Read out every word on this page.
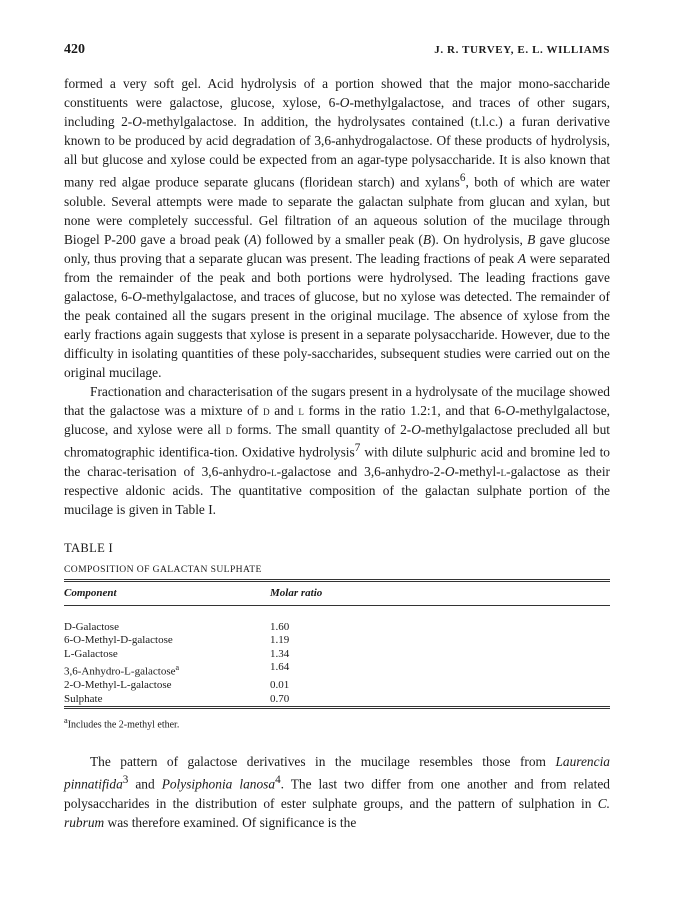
420	J. R. TURVEY, E. L. WILLIAMS

formed a very soft gel. Acid hydrolysis of a portion showed that the major mono-saccharide constituents were galactose, glucose, xylose, 6-O-methylgalactose, and traces of other sugars, including 2-O-methylgalactose. In addition, the hydrolysates contained (t.l.c.) a furan derivative known to be produced by acid degradation of 3,6-anhydrogalactose. Of these products of hydrolysis, all but glucose and xylose could be expected from an agar-type polysaccharide. It is also known that many red algae produce separate glucans (floridean starch) and xylans$^6$, both of which are water soluble. Several attempts were made to separate the galactan sulphate from glucan and xylan, but none were completely successful. Gel filtration of an aqueous solution of the mucilage through Biogel P-200 gave a broad peak (A) followed by a smaller peak (B). On hydrolysis, B gave glucose only, thus proving that a separate glucan was present. The leading fractions of peak A were separated from the remainder of the peak and both portions were hydrolysed. The leading fractions gave galactose, 6-O-methylgalactose, and traces of glucose, but no xylose was detected. The remainder of the peak contained all the sugars present in the original mucilage. The absence of xylose from the early fractions again suggests that xylose is present in a separate polysaccharide. However, due to the difficulty in isolating quantities of these poly-saccharides, subsequent studies were carried out on the original mucilage.

Fractionation and characterisation of the sugars present in a hydrolysate of the mucilage showed that the galactose was a mixture of d and l forms in the ratio 1.2:1, and that 6-O-methylgalactose, glucose, and xylose were all d forms. The small quantity of 2-O-methylgalactose precluded all but chromatographic identifica-tion. Oxidative hydrolysis$^7$ with dilute sulphuric acid and bromine led to the charac-terisation of 3,6-anhydro-l-galactose and 3,6-anhydro-2-O-methyl-l-galactose as their respective aldonic acids. The quantitative composition of the galactan sulphate portion of the mucilage is given in Table I.

TABLE I
COMPOSITION OF GALACTAN SULPHATE
Component	Molar ratio
D-Galactose	1.60
6-O-Methyl-D-galactose	1.19
L-Galactose	1.34
3,6-Anhydro-L-galactose$^a$	1.64
2-O-Methyl-L-galactose	0.01
Sulphate	0.70
$^a$Includes the 2-methyl ether.

The pattern of galactose derivatives in the mucilage resembles those from Laurencia pinnatifida$^3$ and Polysiphonia lanosa$^4$. The last two differ from one another and from related polysaccharides in the distribution of ester sulphate groups, and the pattern of sulphation in C. rubrum was therefore examined. Of significance is the
